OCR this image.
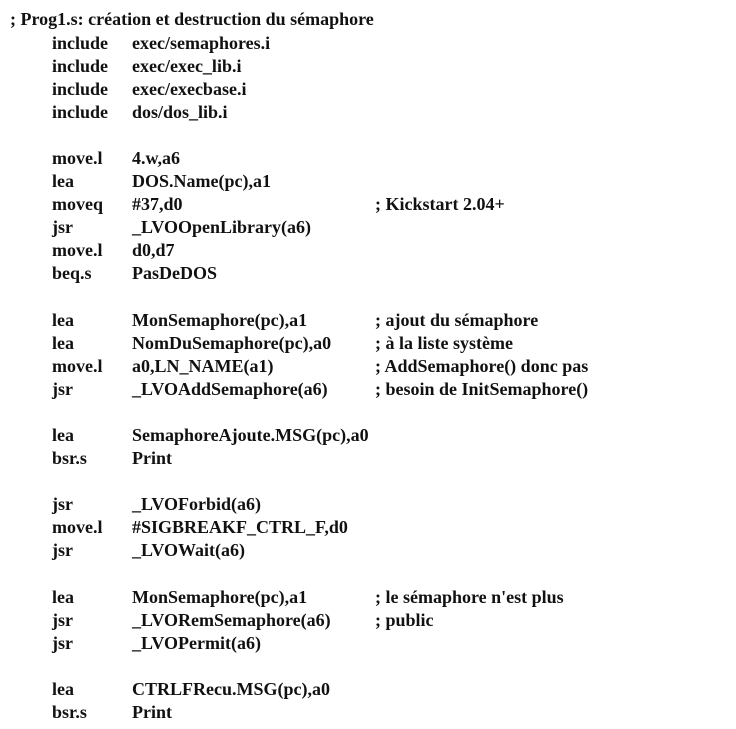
; Prog1.s: création et destruction du sémaphore
include exec/semaphores.i
include exec/exec_lib.i
include exec/execbase.i
include dos/dos_lib.i
move.l 4.w,a6
lea	DOS.Name(pc),a1
moveq #37,d0	; Kickstart 2.04+
jsr	_LVOOpenLibrary(a6)
move.l d0,d7
beq.s PasDeDOS
lea	MonSemaphore(pc),a1	; ajout du sémaphore
lea	NomDuSemaphore(pc),a0 ; à la liste système
move.l a0,LN_NAME(a1)	; AddSemaphore() donc pas
jsr	_LVOAddSemaphore(a6)	; besoin de InitSemaphore()
lea	SemaphoreAjoute.MSG(pc),a0
bsr.s	Print
jsr	_LVOForbid(a6)
move.l #SIGBREAKF_CTRL_F,d0
jsr	_LVOWait(a6)
lea	MonSemaphore(pc),a1	; le sémaphore n'est plus
jsr	_LVORemSemaphore(a6) ; public
jsr	_LVOPermit(a6)
lea	CTRLFRecu.MSG(pc),a0
bsr.s	Print
